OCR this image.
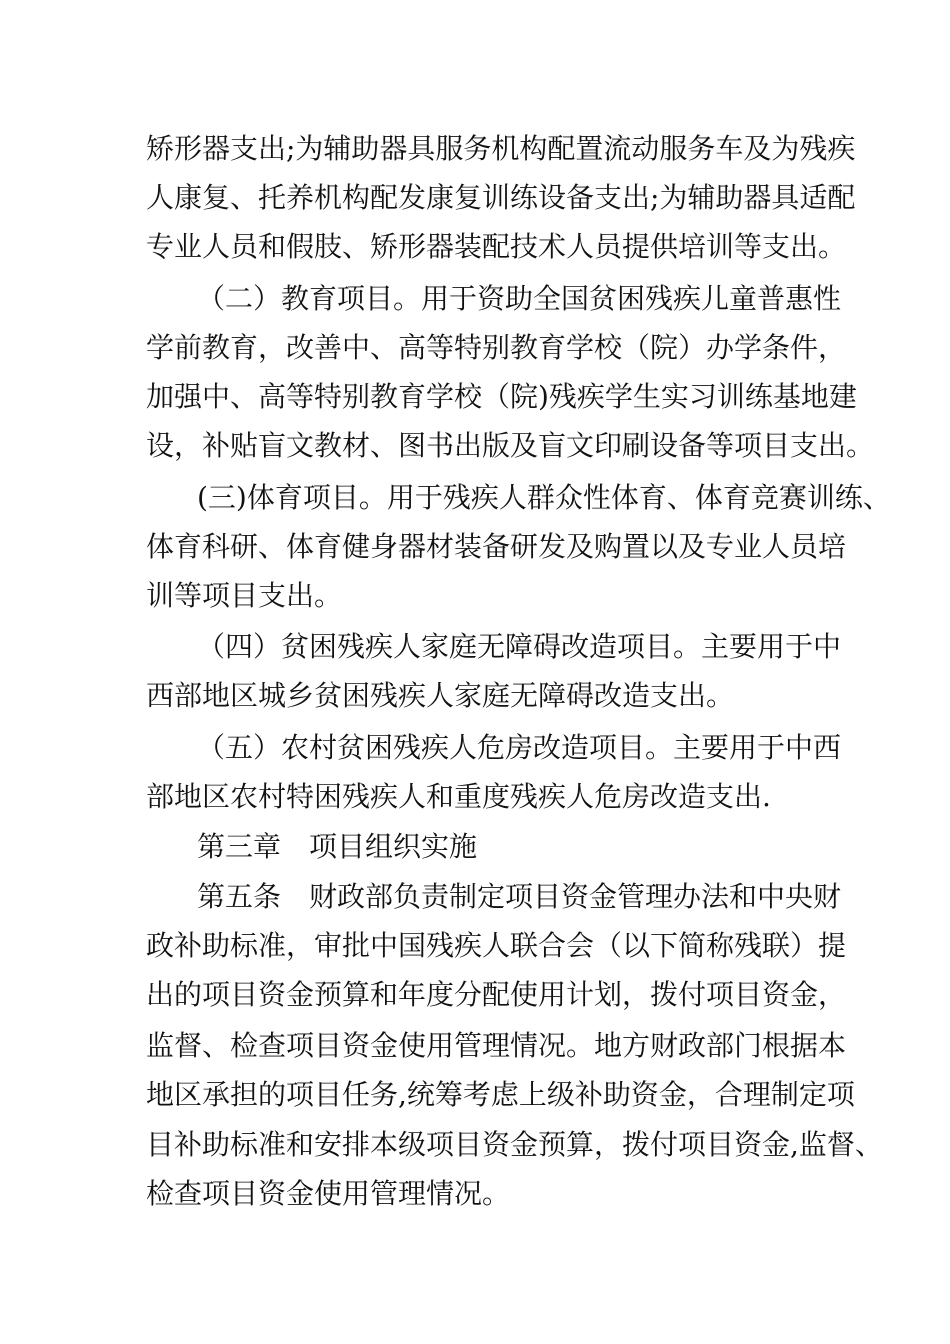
矫形器支出;为辅助器具服务机构配置流动服务车及为残疾
人康复、托养机构配发康复训练设备支出;为辅助器具适配
专业人员和假肢、矫形器装配技术人员提供培训等支出。
（二）教育项目。用于资助全国贫困残疾儿童普惠性
学前教育，改善中、高等特别教育学校（院）办学条件，
加强中、高等特别教育学校（院)残疾学生实习训练基地建
设，补贴盲文教材、图书出版及盲文印刷设备等项目支出。
(三)体育项目。用于残疾人群众性体育、体育竞赛训练、
体育科研、体育健身器材装备研发及购置以及专业人员培
训等项目支出。
（四）贫困残疾人家庭无障碍改造项目。主要用于中
西部地区城乡贫困残疾人家庭无障碍改造支出。
（五）农村贫困残疾人危房改造项目。主要用于中西
部地区农村特困残疾人和重度残疾人危房改造支出.
第三章　项目组织实施
第五条　财政部负责制定项目资金管理办法和中央财
政补助标准，审批中国残疾人联合会（以下简称残联）提
出的项目资金预算和年度分配使用计划，拨付项目资金，
监督、检查项目资金使用管理情况。地方财政部门根据本
地区承担的项目任务,统筹考虑上级补助资金，合理制定项
目补助标准和安排本级项目资金预算，拨付项目资金,监督、
检查项目资金使用管理情况。
